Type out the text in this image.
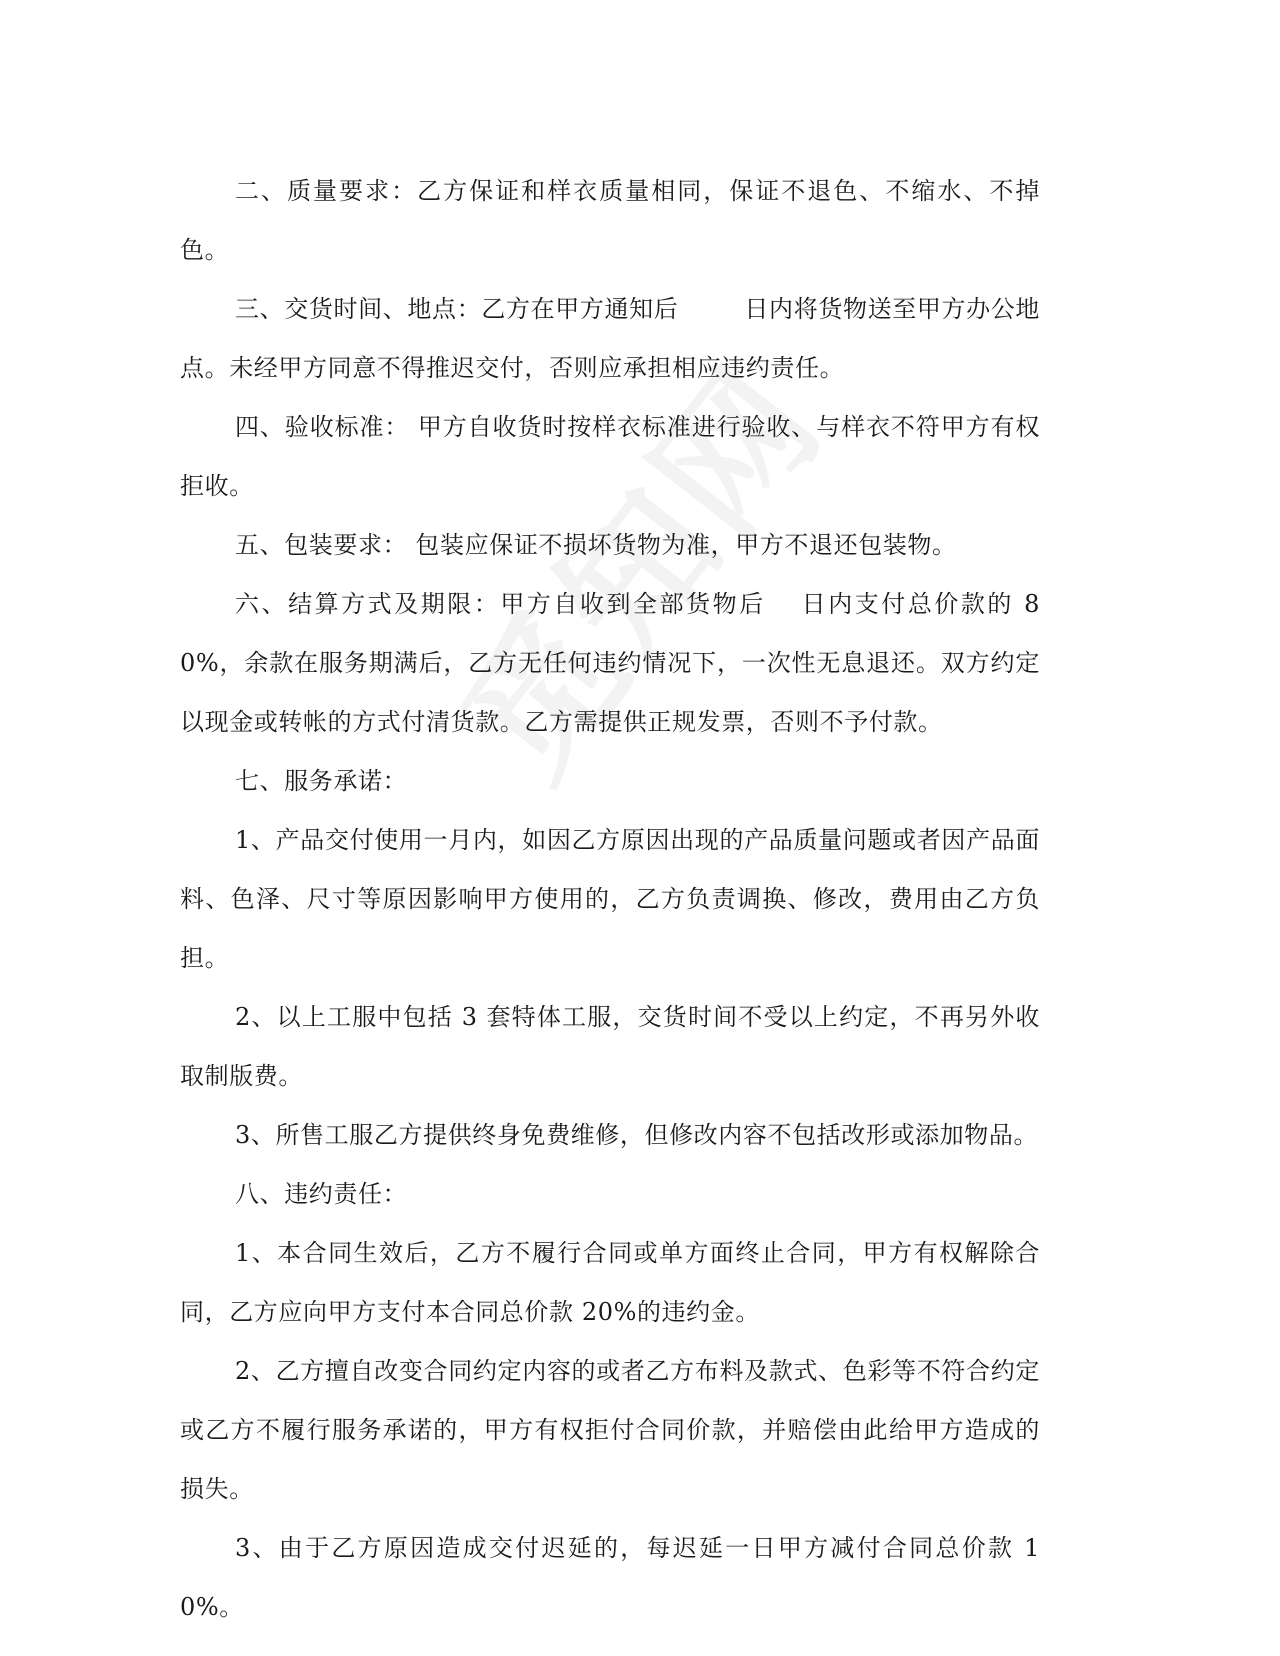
二、质量要求：乙方保证和样衣质量相同，保证不退色、不缩水、不掉色。

三、交货时间、地点：乙方在甲方通知后	日内将货物送至甲方办公地点。未经甲方同意不得推迟交付，否则应承担相应违约责任。

四、验收标准： 甲方自收货时按样衣标准进行验收、与样衣不符甲方有权拒收。

五、包装要求： 包装应保证不损坏货物为准，甲方不退还包装物。

六、结算方式及期限：甲方自收到全部货物后 日内支付总价款的 80%，余款在服务期满后，乙方无任何违约情况下，一次性无息退还。双方约定以现金或转帐的方式付清货款。乙方需提供正规发票，否则不予付款。

七、服务承诺：

1、产品交付使用一月内，如因乙方原因出现的产品质量问题或者因产品面料、色泽、尺寸等原因影响甲方使用的，乙方负责调换、修改，费用由乙方负担。

2、以上工服中包括 3 套特体工服，交货时间不受以上约定，不再另外收取制版费。

3、所售工服乙方提供终身免费维修，但修改内容不包括改形或添加物品。

八、违约责任：

1、本合同生效后，乙方不履行合同或单方面终止合同，甲方有权解除合同，乙方应向甲方支付本合同总价款 20%的违约金。

2、乙方擅自改变合同约定内容的或者乙方布料及款式、色彩等不符合约定或乙方不履行服务承诺的，甲方有权拒付合同价款，并赔偿由此给甲方造成的损失。

3、由于乙方原因造成交付迟延的，每迟延一日甲方减付合同总价款 10%。
